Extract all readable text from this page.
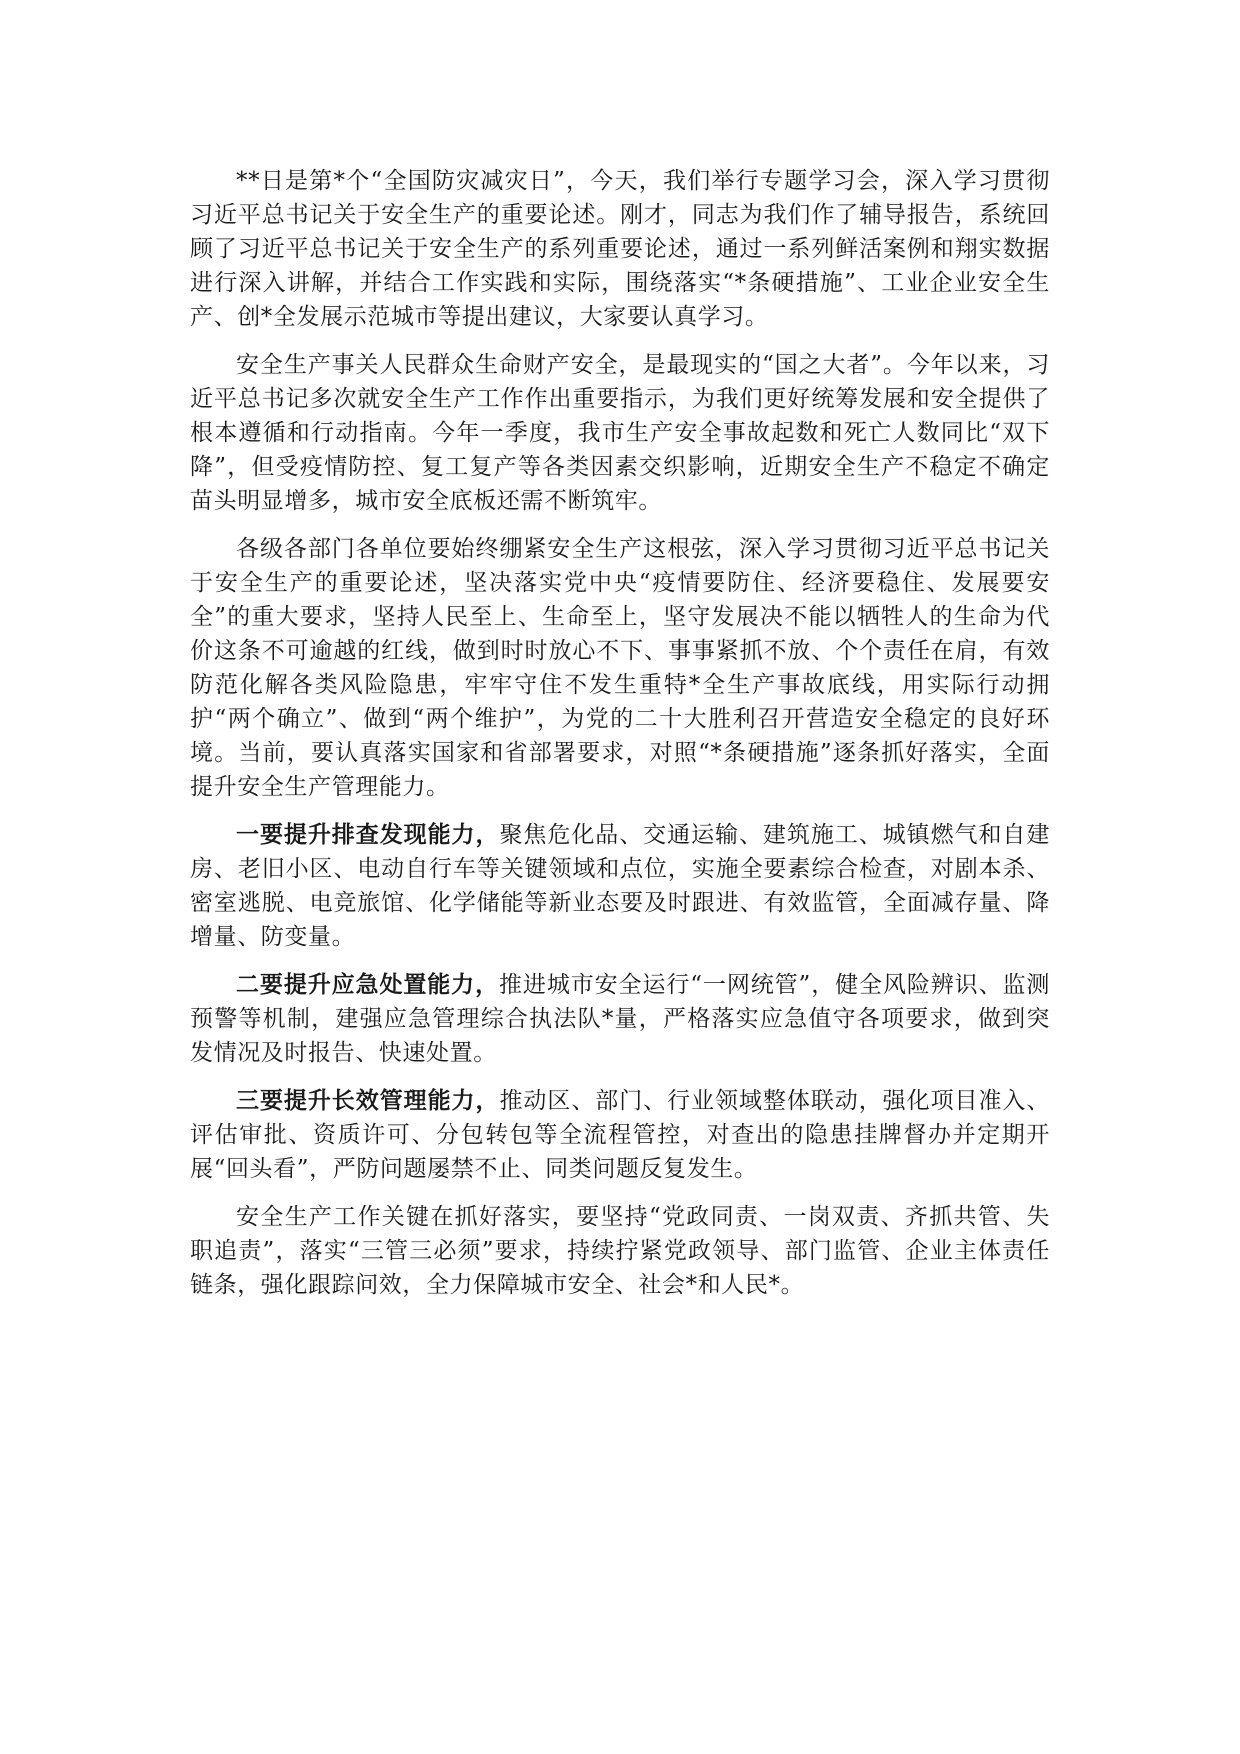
**日是第*个“全国防灾减灾日”，今天，我们举行专题学习会，深入学习贯彻习近平总书记关于安全生产的重要论述。刚才，同志为我们作了辅导报告，系统回顾了习近平总书记关于安全生产的系列重要论述，通过一系列鲜活案例和翔实数据进行深入讲解，并结合工作实践和实际，围绕落实“*条硬措施”、工业企业安全生产、创*全发展示范城市等提出建议，大家要认真学习。

安全生产事关人民群众生命财产安全，是最现实的“国之大者”。今年以来，习近平总书记多次就安全生产工作作出重要指示，为我们更好统筹发展和安全提供了根本遵循和行动指南。今年一季度，我市生产安全事故起数和死亡人数同比“双下降”，但受疫情防控、复工复产等各类因素交织影响，近期安全生产不稳定不确定苗头明显增多，城市安全底板还需不断筑牢。

各级各部门各单位要始终绷紧安全生产这根弦，深入学习贯彻习近平总书记关于安全生产的重要论述，坚决落实党中央“疫情要防住、经济要稳住、发展要安全”的重大要求，坚持人民至上、生命至上，坚守发展决不能以牺牲人的生命为代价这条不可逾越的红线，做到时时放心不下、事事紧抓不放、个个责任在肩，有效防范化解各类风险隐患，牢牢守住不发生重特*全生产事故底线，用实际行动拥护“两个确立”、做到“两个维护”，为党的二十大胜利召开营造安全稳定的良好环境。当前，要认真落实国家和省部署要求，对照“*条硬措施”逐条抓好落实，全面提升安全生产管理能力。

一要提升排查发现能力，聚焦危化品、交通运输、建筑施工、城镇燃气和自建房、老旧小区、电动自行车等关键领域和点位，实施全要素综合检查，对剧本杀、密室逃脱、电竞旅馆、化学储能等新业态要及时跟进、有效监管，全面减存量、降增量、防变量。

二要提升应急处置能力，推进城市安全运行“一网统管”，健全风险辨识、监测预警等机制，建强应急管理综合执法队*量，严格落实应急值守各项要求，做到突发情况及时报告、快速处置。

三要提升长效管理能力，推动区、部门、行业领域整体联动，强化项目准入、评估审批、资质许可、分包转包等全流程管控，对查出的隐患挂牌督办并定期开展“回头看”，严防问题屡禁不止、同类问题反复发生。

安全生产工作关键在抓好落实，要坚持“党政同责、一岗双责、齐抓共管、失职追责”，落实“三管三必须”要求，持续拧紧党政领导、部门监管、企业主体责任链条，强化跟踪问效，全力保障城市安全、社会*和人民*。
